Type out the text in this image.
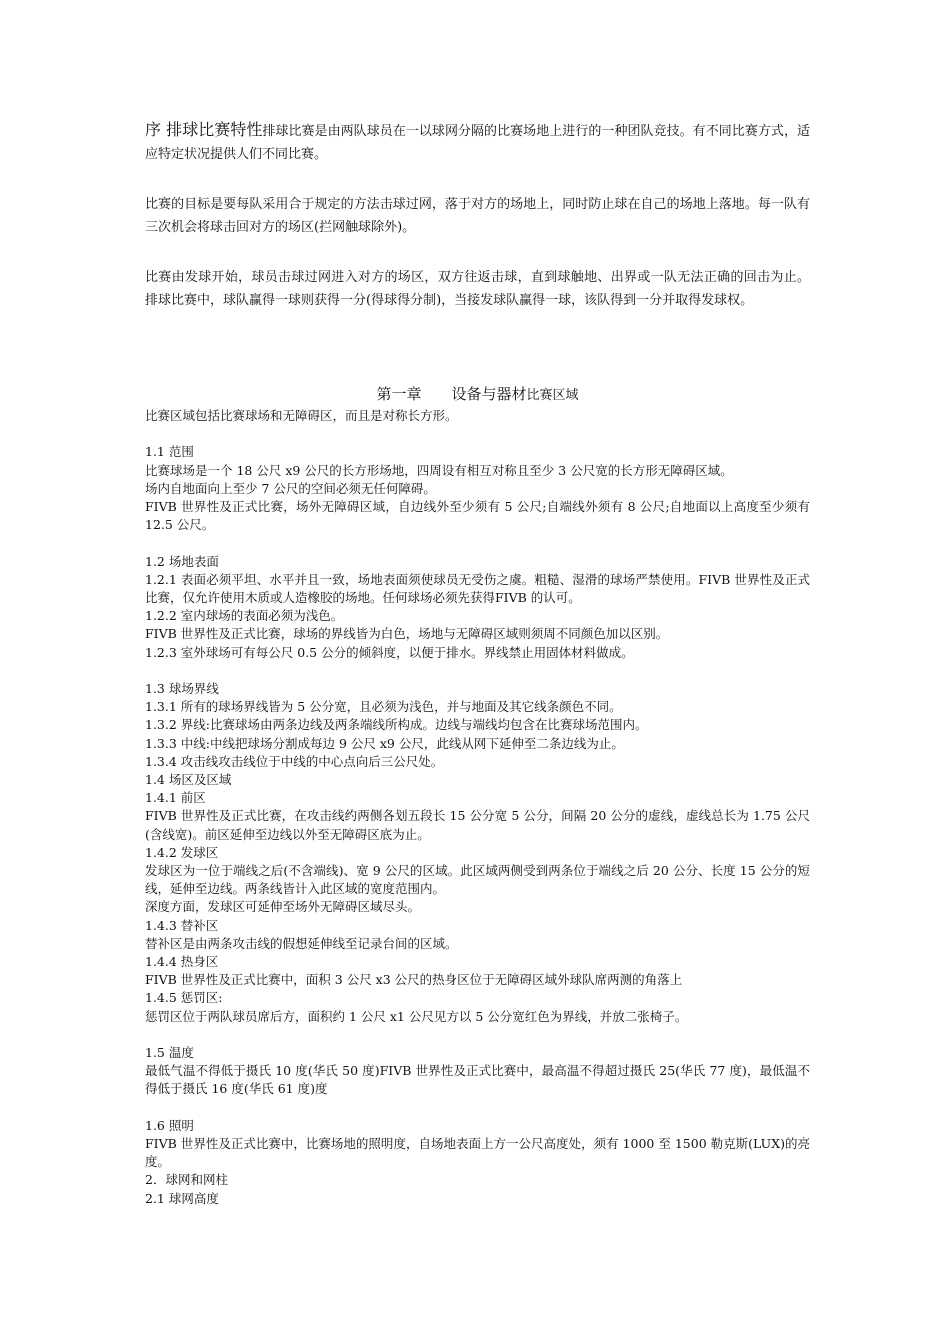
序 排球比赛特性排球比赛是由两队球员在一以球网分隔的比赛场地上进行的一种团队竞技。有不同比赛方式，适应特定状况提供人们不同比赛。

比赛的目标是要每队采用合于规定的方法击球过网，落于对方的场地上，同时防止球在自己的场地上落地。每一队有三次机会将球击回对方的场区(拦网触球除外)。

比赛由发球开始，球员击球过网进入对方的场区，双方往返击球，直到球触地、出界或一队无法正确的回击为止。 排球比赛中，球队赢得一球则获得一分(得球得分制)，当接发球队赢得一球，该队得到一分并取得发球权。

第一章 设备与器材比赛区域
比赛区域包括比赛球场和无障碍区，而且是对称长方形。
1.1 范围
比赛球场是一个 18 公尺 x9 公尺的长方形场地，四周设有相互对称且至少 3 公尺宽的长方形无障碍区域。
场内自地面向上至少 7 公尺的空间必须无任何障碍。
FIVB 世界性及正式比赛，场外无障碍区域，自边线外至少须有 5 公尺;自端线外须有 8 公尺;自地面以上高度至少须有 12.5 公尺。
1.2 场地表面
1.2.1 表面必须平坦、水平并且一致，场地表面须使球员无受伤之虞。粗糙、湿滑的球场严禁使用。FIVB 世界性及正式比赛，仅允许使用木质或人造橡胶的场地。任何球场必须先获得FIVB 的认可。
1.2.2 室内球场的表面必须为浅色。
FIVB 世界性及正式比赛，球场的界线皆为白色，场地与无障碍区域则须周不同颜色加以区别。
1.2.3 室外球场可有每公尺 0.5 公分的倾斜度，以便于排水。界线禁止用固体材料做成。
1.3 球场界线
1.3.1 所有的球场界线皆为 5 公分宽，且必须为浅色，并与地面及其它线条颜色不同。
1.3.2 界线:比赛球场由两条边线及两条端线所构成。边线与端线均包含在比赛球场范围内。
1.3.3 中线:中线把球场分割成每边 9 公尺 x9 公尺，此线从网下延伸至二条边线为止。
1.3.4 攻击线攻击线位于中线的中心点向后三公尺处。
1.4 场区及区域
1.4.1 前区
FIVB 世界性及正式比赛，在攻击线约两侧各划五段长 15 公分宽 5 公分，间隔 20 公分的虚线，虚线总长为 1.75 公尺(含线宽)。前区延伸至边线以外至无障碍区底为止。
1.4.2 发球区
发球区为一位于端线之后(不含端线)、宽 9 公尺的区域。此区域两侧受到两条位于端线之后 20 公分、长度 15 公分的短线，延伸至边线。两条线皆计入此区域的宽度范围内。
深度方面，发球区可延伸至场外无障碍区域尽头。
1.4.3 替补区
替补区是由两条攻击线的假想延伸线至记录台间的区域。
1.4.4 热身区
FIVB 世界性及正式比赛中，面积 3 公尺 x3 公尺的热身区位于无障碍区域外球队席两测的角落上
1.4.5 惩罚区:
惩罚区位于两队球员席后方，面积约 1 公尺 x1 公尺见方以 5 公分宽红色为界线，并放二张椅子。
1.5 温度
最低气温不得低于摄氏 10 度(华氏 50 度)FIVB 世界性及正式比赛中，最高温不得超过摄氏 25(华氏 77 度)，最低温不得低于摄氏 16 度(华氏 61 度)度
1.6 照明
FIVB 世界性及正式比赛中，比赛场地的照明度，自场地表面上方一公尺高度处，须有 1000 至 1500 勒克斯(LUX)的亮度。
2．球网和网柱
2.1 球网高度
